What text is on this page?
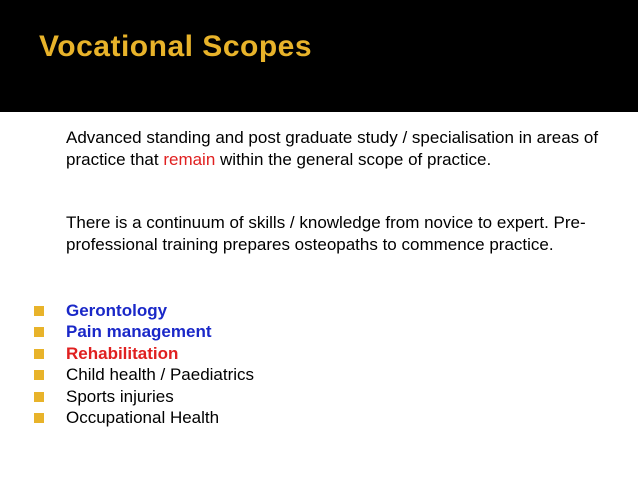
Vocational Scopes
Advanced standing and post graduate study / specialisation in areas of practice that remain within the general scope of practice.
There is a continuum of skills / knowledge from novice to expert. Pre-professional training prepares osteopaths to commence practice.
Gerontology
Pain management
Rehabilitation
Child health / Paediatrics
Sports injuries
Occupational Health
